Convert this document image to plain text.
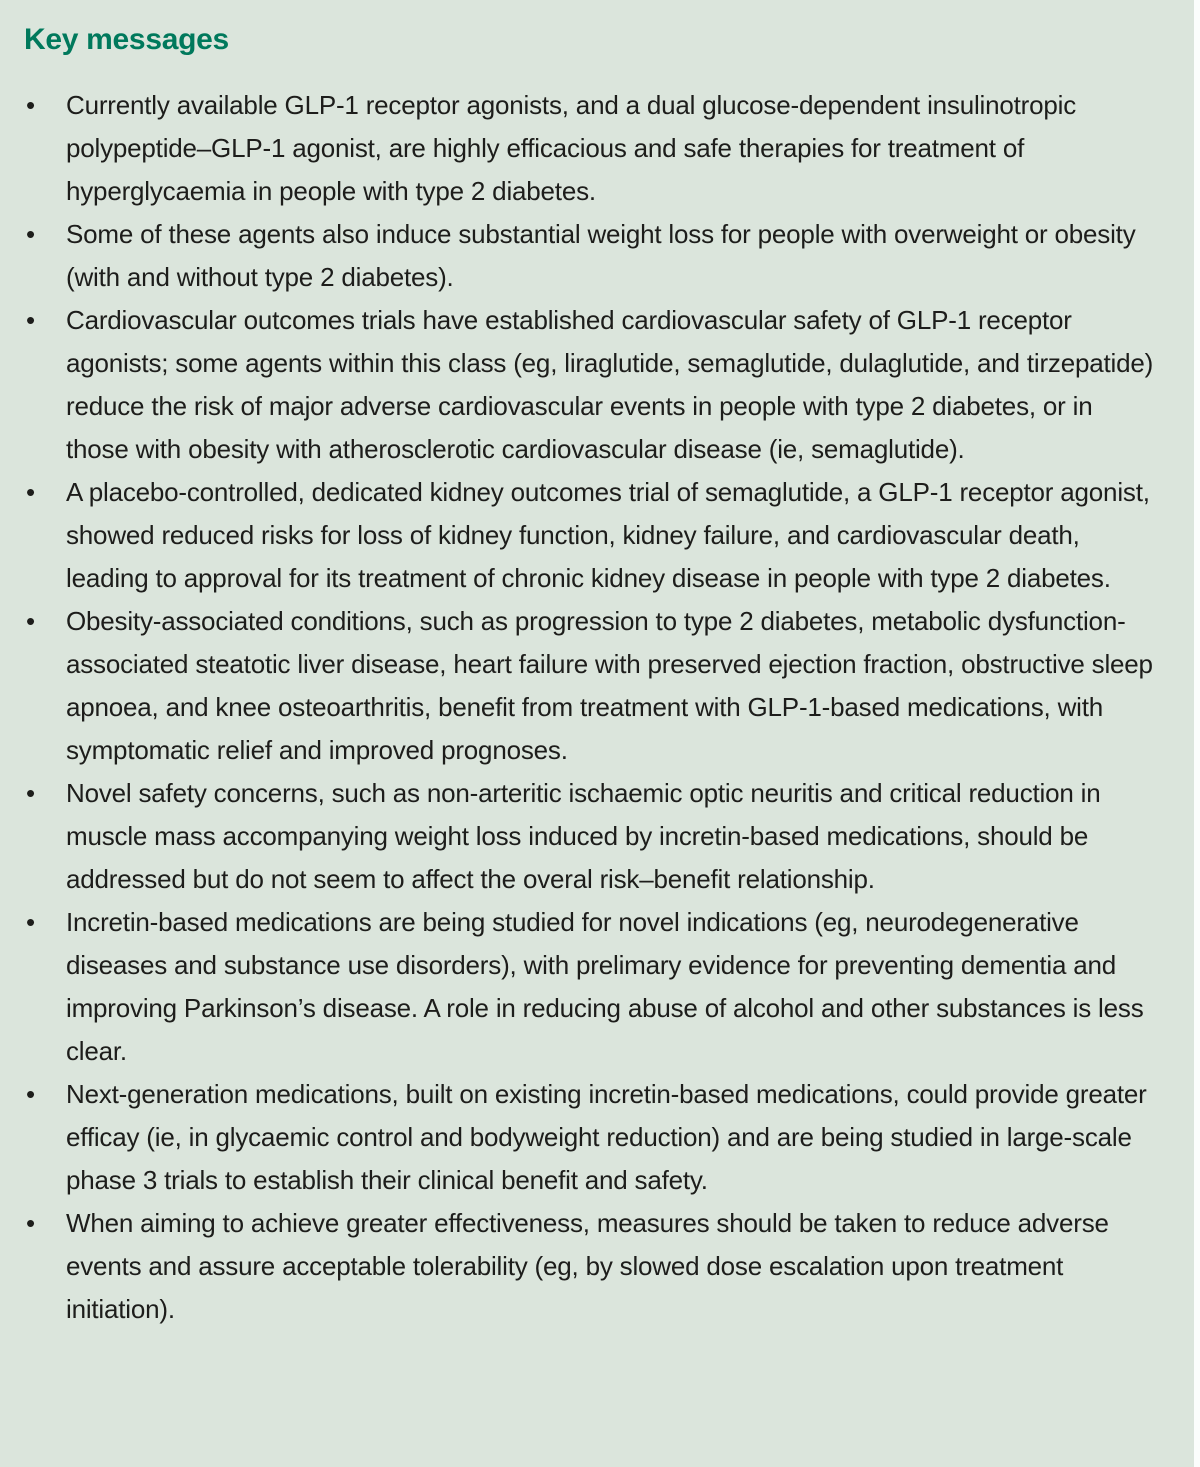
Key messages
• Currently available GLP-1 receptor agonists, and a dual glucose-dependent insulinotropic polypeptide–GLP-1 agonist, are highly efficacious and safe therapies for treatment of hyperglycaemia in people with type 2 diabetes.
• Some of these agents also induce substantial weight loss for people with overweight or obesity (with and without type 2 diabetes).
• Cardiovascular outcomes trials have established cardiovascular safety of GLP-1 receptor agonists; some agents within this class (eg, liraglutide, semaglutide, dulaglutide, and tirzepatide) reduce the risk of major adverse cardiovascular events in people with type 2 diabetes, or in those with obesity with atherosclerotic cardiovascular disease (ie, semaglutide).
• A placebo-controlled, dedicated kidney outcomes trial of semaglutide, a GLP-1 receptor agonist, showed reduced risks for loss of kidney function, kidney failure, and cardiovascular death, leading to approval for its treatment of chronic kidney disease in people with type 2 diabetes.
• Obesity-associated conditions, such as progression to type 2 diabetes, metabolic dysfunction-associated steatotic liver disease, heart failure with preserved ejection fraction, obstructive sleep apnoea, and knee osteoarthritis, benefit from treatment with GLP-1-based medications, with symptomatic relief and improved prognoses.
• Novel safety concerns, such as non-arteritic ischaemic optic neuritis and critical reduction in muscle mass accompanying weight loss induced by incretin-based medications, should be addressed but do not seem to affect the overal risk–benefit relationship.
• Incretin-based medications are being studied for novel indications (eg, neurodegenerative diseases and substance use disorders), with prelimary evidence for preventing dementia and improving Parkinson’s disease. A role in reducing abuse of alcohol and other substances is less clear.
• Next-generation medications, built on existing incretin-based medications, could provide greater efficay (ie, in glycaemic control and bodyweight reduction) and are being studied in large-scale phase 3 trials to establish their clinical benefit and safety.
• When aiming to achieve greater effectiveness, measures should be taken to reduce adverse events and assure acceptable tolerability (eg, by slowed dose escalation upon treatment initiation).
